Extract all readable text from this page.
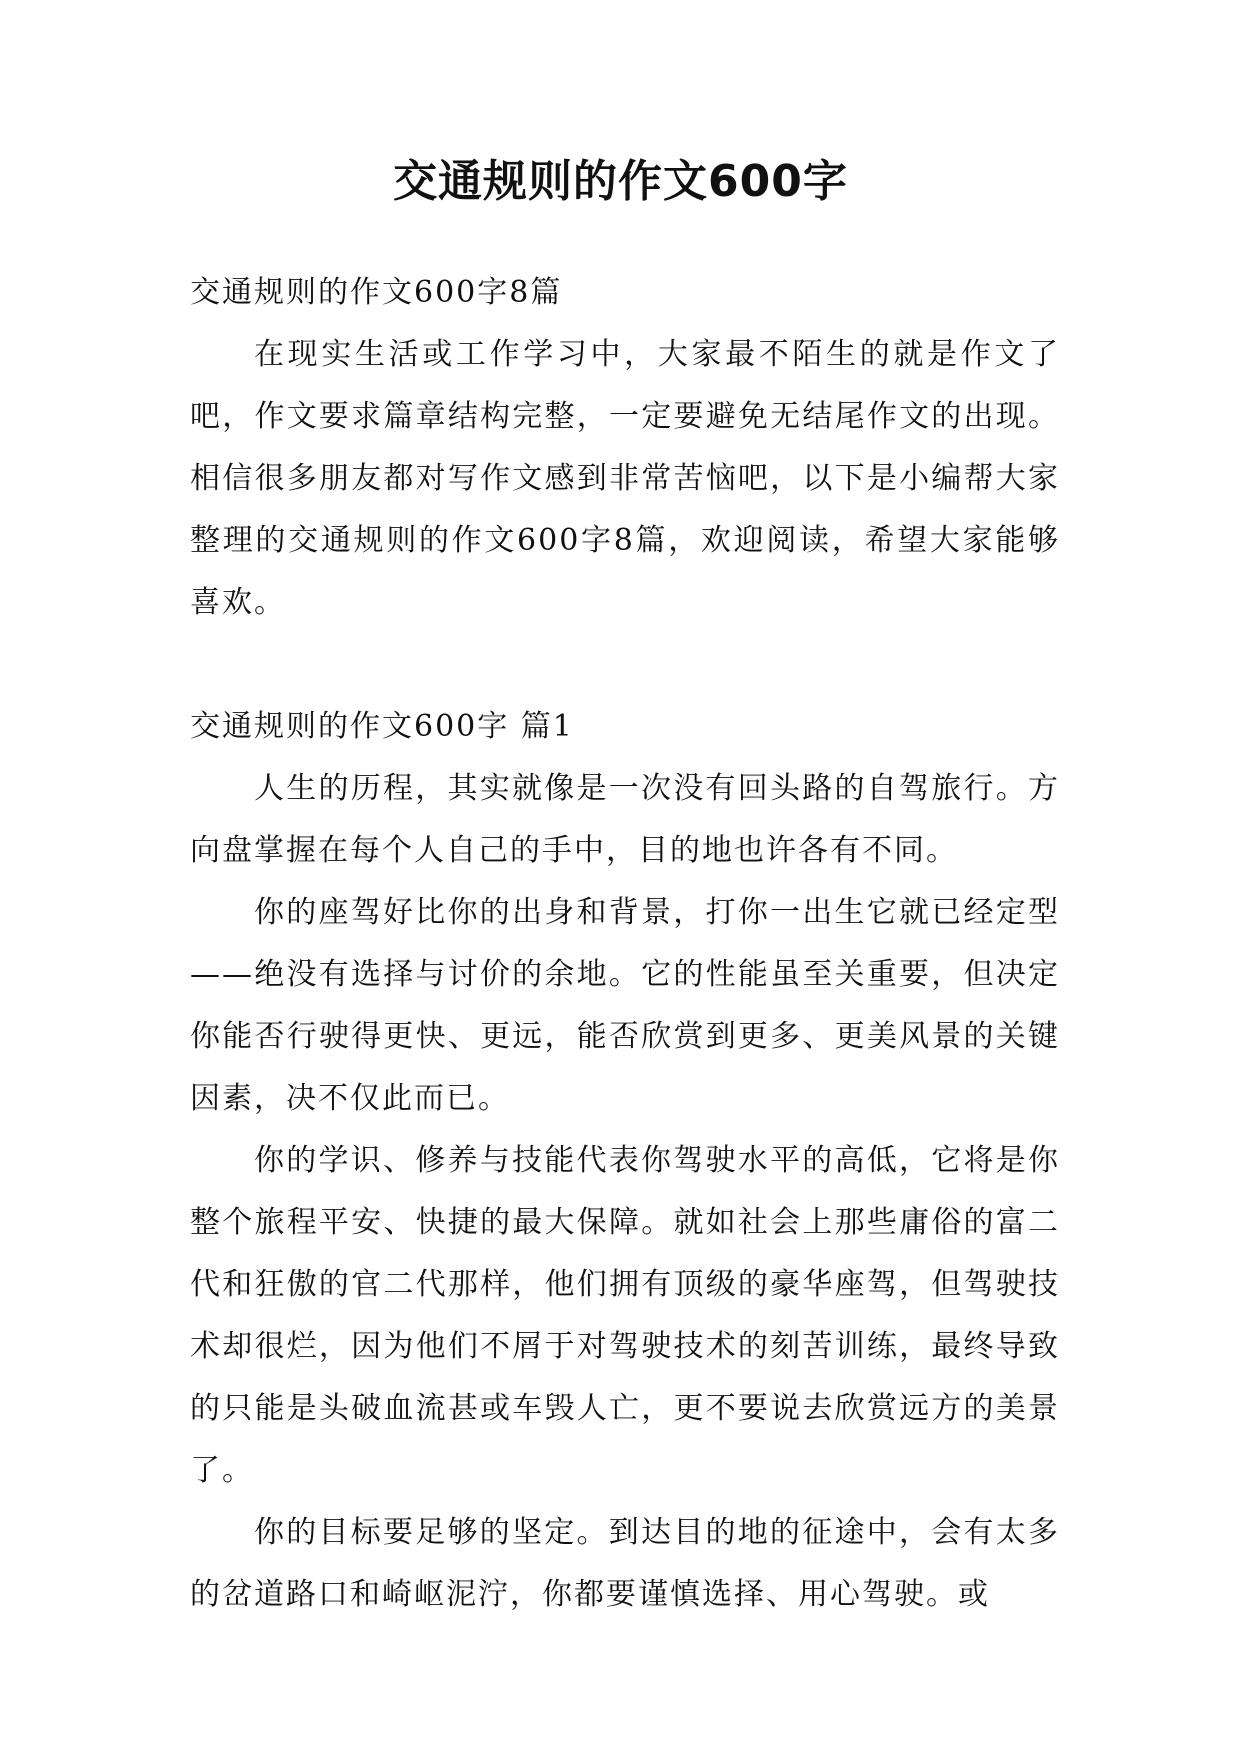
交通规则的作文600字

交通规则的作文600字8篇

在现实生活或工作学习中，大家最不陌生的就是作文了吧，作文要求篇章结构完整，一定要避免无结尾作文的出现。相信很多朋友都对写作文感到非常苦恼吧，以下是小编帮大家整理的交通规则的作文600字8篇，欢迎阅读，希望大家能够喜欢。

交通规则的作文600字 篇1

人生的历程，其实就像是一次没有回头路的自驾旅行。方向盘掌握在每个人自己的手中，目的地也许各有不同。

你的座驾好比你的出身和背景，打你一出生它就已经定型——绝没有选择与讨价的余地。它的性能虽至关重要，但决定你能否行驶得更快、更远，能否欣赏到更多、更美风景的关键因素，决不仅此而已。

你的学识、修养与技能代表你驾驶水平的高低，它将是你整个旅程平安、快捷的最大保障。就如社会上那些庸俗的富二代和狂傲的官二代那样，他们拥有顶级的豪华座驾，但驾驶技术却很烂，因为他们不屑于对驾驶技术的刻苦训练，最终导致的只能是头破血流甚或车毁人亡，更不要说去欣赏远方的美景了。

你的目标要足够的坚定。到达目的地的征途中，会有太多的岔道路口和崎岖泥泞，你都要谨慎选择、用心驾驶。或
